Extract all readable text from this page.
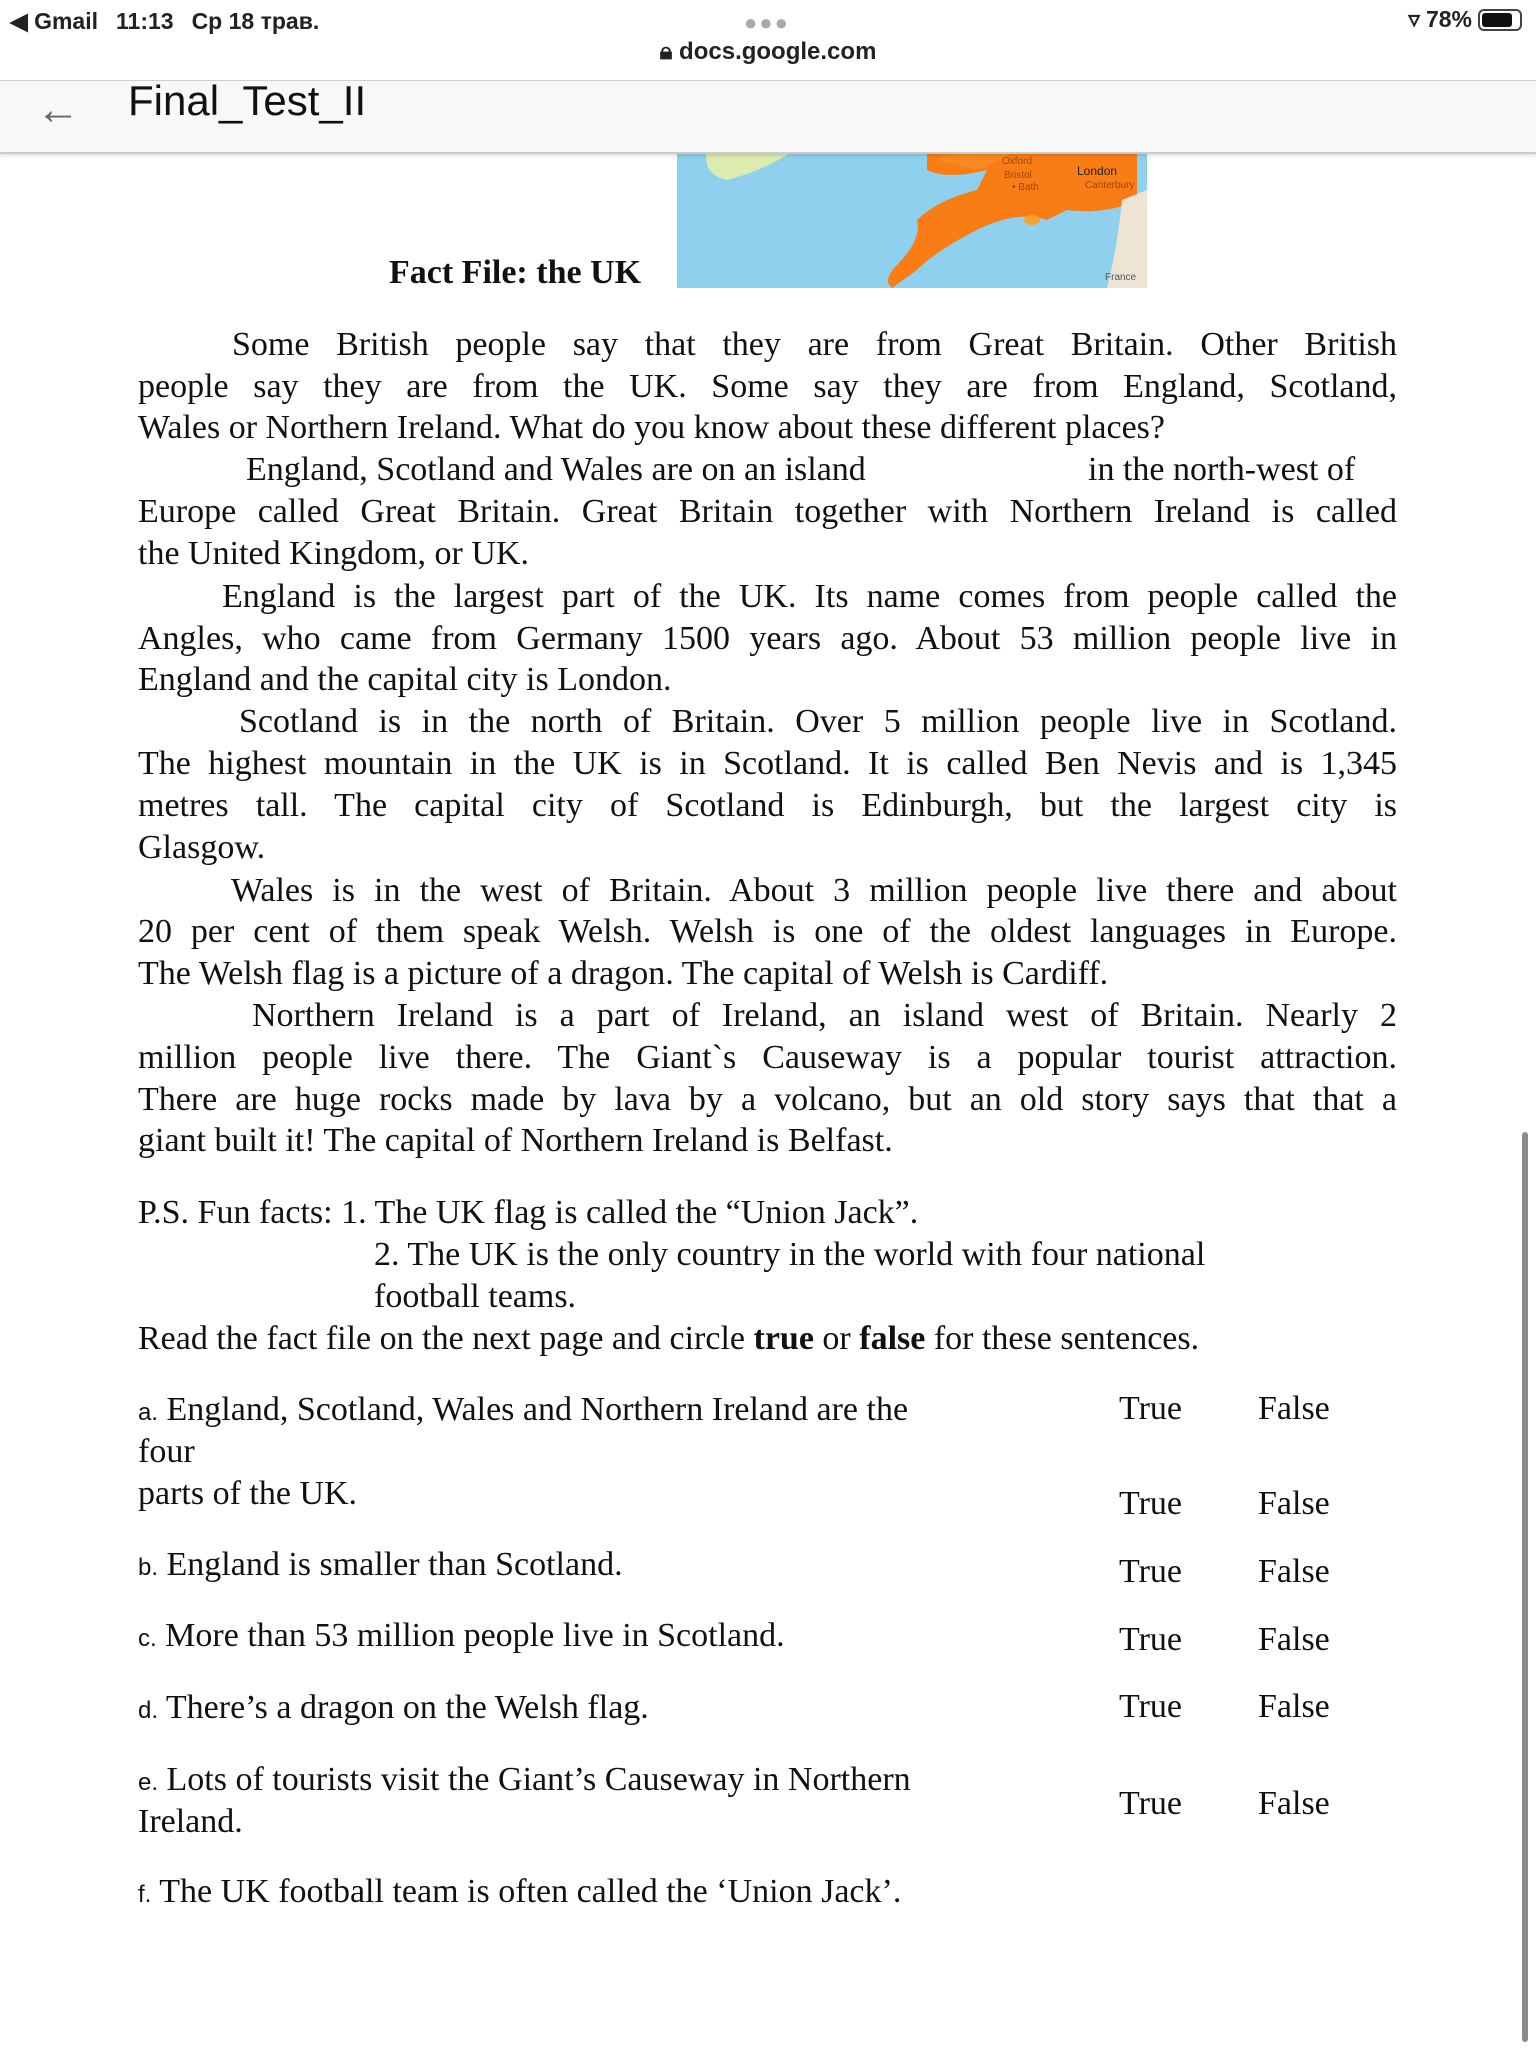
◀ Gmail 11:13 Ср 18 трав.	●●●
🔒︎ docs.google.com
▿ 78%
← Final_Test_II
Oxford
Bristol
• Bath
London
Canterbury
France
Fact File: the UK
Some British people say that they are from Great Britain. Other British
people say they are from the UK. Some say they are from England, Scotland,
Wales or Northern Ireland. What do you know about these different places?
England, Scotland and Wales are on an island	in the north-west of
Europe called Great Britain. Great Britain together with Northern Ireland is called
the United Kingdom, or UK.
England is the largest part of the UK. Its name comes from people called the
Angles, who came from Germany 1500 years ago. About 53 million people live in
England and the capital city is London.
Scotland is in the north of Britain. Over 5 million people live in Scotland.
The highest mountain in the UK is in Scotland. It is called Ben Nevis and is 1,345
metres tall. The capital city of Scotland is Edinburgh, but the largest city is
Glasgow.
Wales is in the west of Britain. About 3 million people live there and about
20 per cent of them speak Welsh. Welsh is one of the oldest languages in Europe.
The Welsh flag is a picture of a dragon. The capital of Welsh is Cardiff.
Northern Ireland is a part of Ireland, an island west of Britain. Nearly 2
million people live there. The Giant`s Causeway is a popular tourist attraction.
There are huge rocks made by lava by a volcano, but an old story says that that a
giant built it! The capital of Northern Ireland is Belfast.
P.S. Fun facts: 1. The UK flag is called the “Union Jack”.
2. The UK is the only country in the world with four national
football teams.
Read the fact file on the next page and circle true or false for these sentences.
a. England, Scotland, Wales and Northern Ireland are the
four
parts of the UK.
b. England is smaller than Scotland.
c. More than 53 million people live in Scotland.
d. There’s a dragon on the Welsh flag.
e. Lots of tourists visit the Giant’s Causeway in Northern
Ireland.
f. The UK football team is often called the ‘Union Jack’.
True False
True False
True False
True False
True False
True False
